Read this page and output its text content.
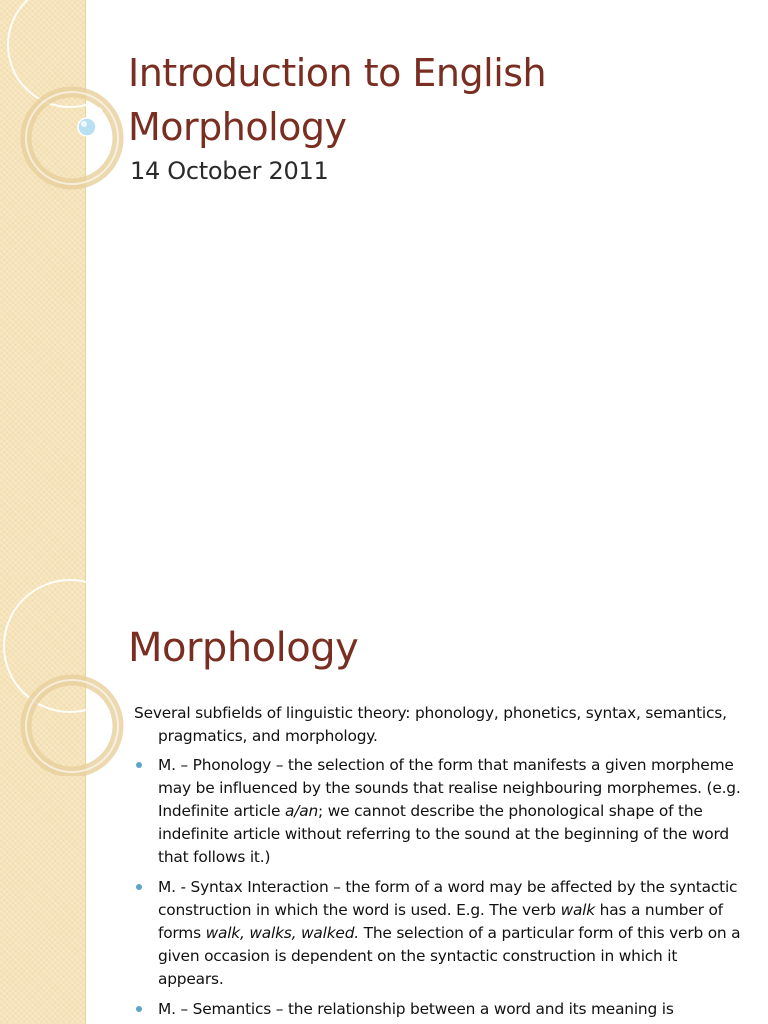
Introduction to English Morphology
14 October 2011
Morphology

Several subfields of linguistic theory: phonology, phonetics, syntax, semantics, pragmatics, and morphology.

M. – Phonology – the selection of the form that manifests a given morpheme may be influenced by the sounds that realise neighbouring morphemes. (e.g. Indefinite article a/an; we cannot describe the phonological shape of the indefinite article without referring to the sound at the beginning of the word that follows it.)
M. - Syntax Interaction – the form of a word may be affected by the syntactic construction in which the word is used. E.g. The verb walk has a number of forms walk, walks, walked. The selection of a particular form of this verb on a given occasion is dependent on the syntactic construction in which it appears.
M. – Semantics – the relationship between a word and its meaning is
